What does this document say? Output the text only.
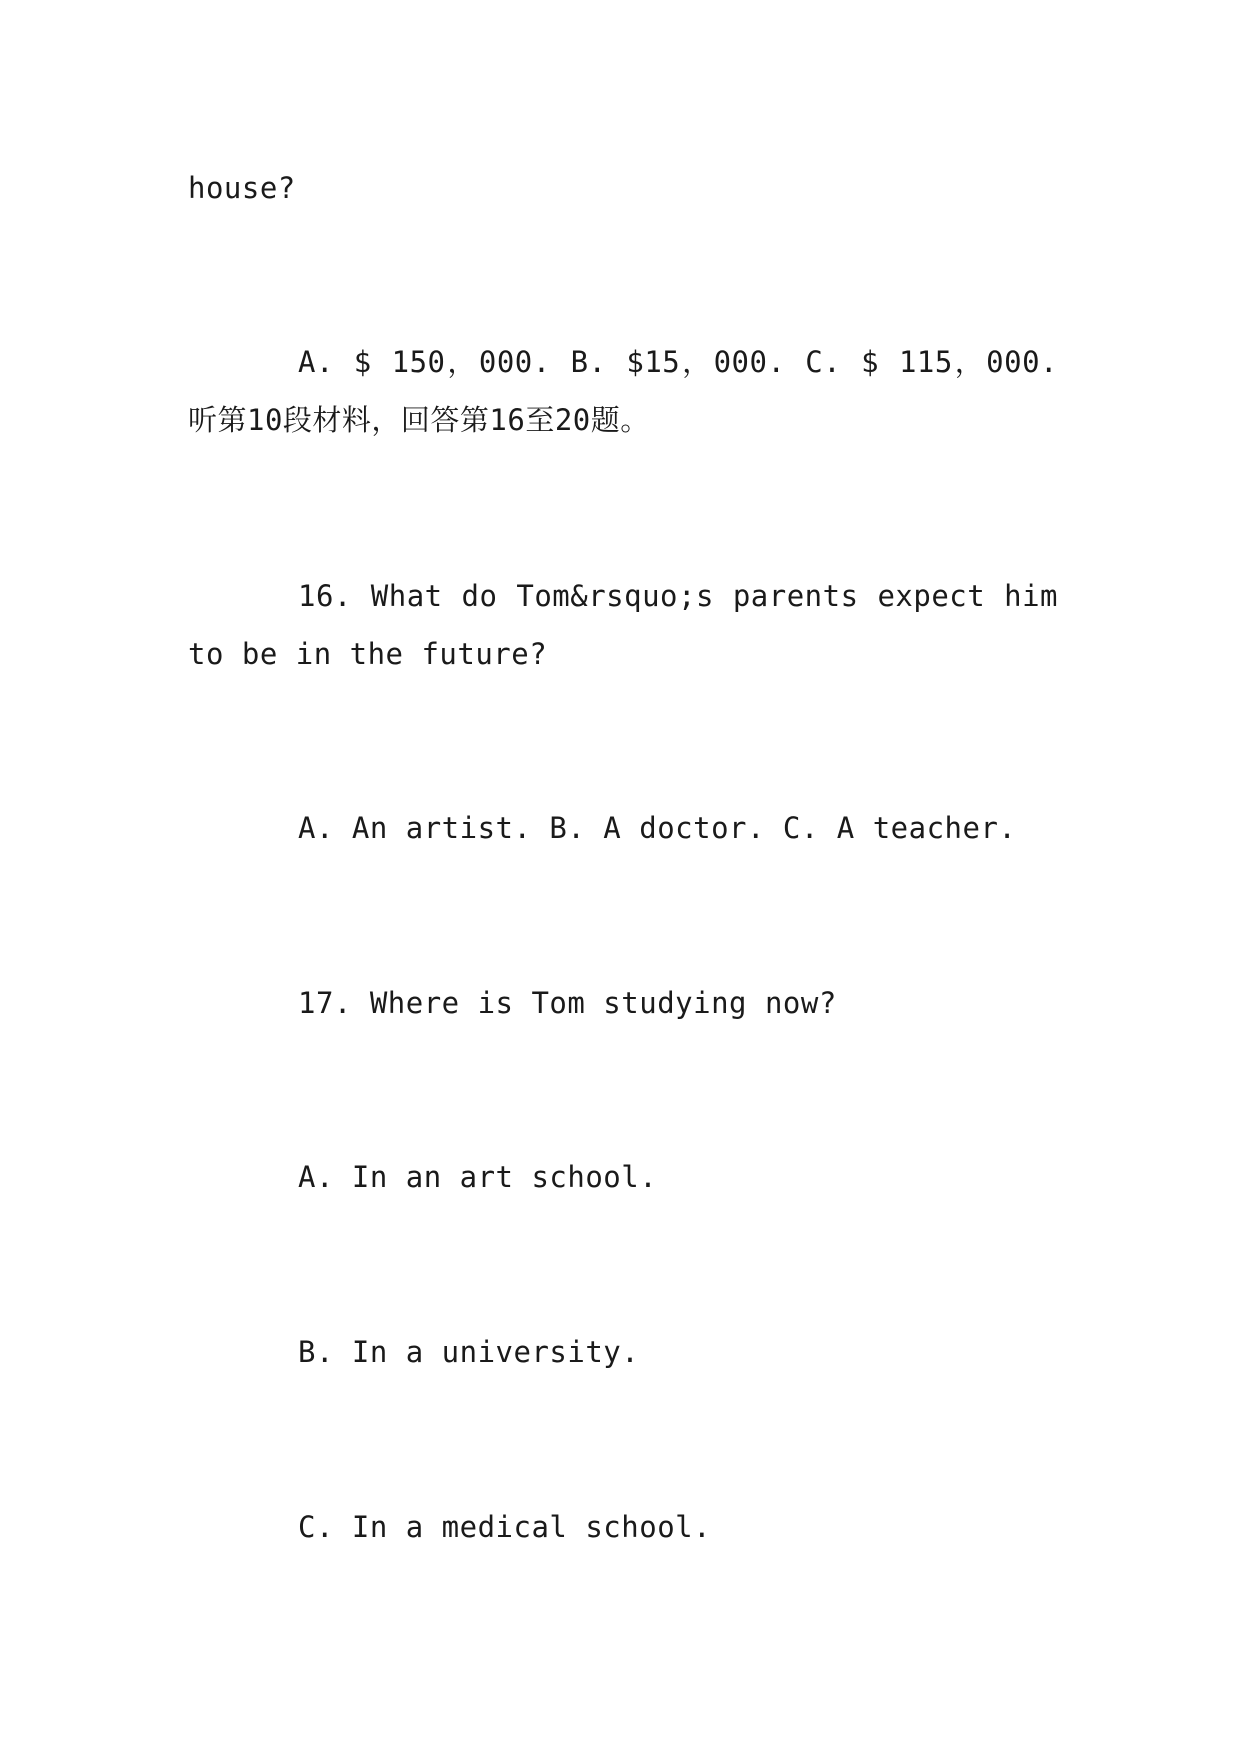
house?
A. $ 150，000. B. $15，000. C. $ 115，000.听第10段材料，回答第16至20题。
16. What do Tom&rsquo;s parents expect him to be in the future?
A. An artist. B. A doctor. C. A teacher.
17. Where is Tom studying now?
A. In an art school.
B. In a university.
C. In a medical school.
